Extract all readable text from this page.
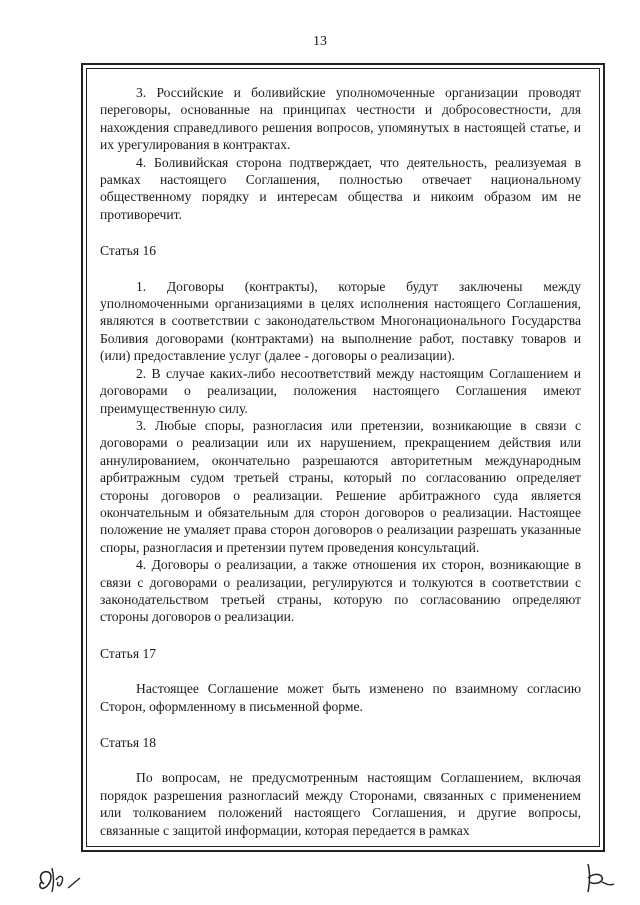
13

3. Российские и боливийские уполномоченные организации проводят переговоры, основанные на принципах честности и добросовестности, для нахождения справедливого решения вопросов, упомянутых в настоящей статье, и их урегулирования в контрактах.

4. Боливийская сторона подтверждает, что деятельность, реализуемая в рамках настоящего Соглашения, полностью отвечает национальному общественному порядку и интересам общества и никоим образом им не противоречит.

Статья 16

1. Договоры (контракты), которые будут заключены между уполномоченными организациями в целях исполнения настоящего Соглашения, являются в соответствии с законодательством Многонационального Государства Боливия договорами (контрактами) на выполнение работ, поставку товаров и (или) предоставление услуг (далее - договоры о реализации).

2. В случае каких-либо несоответствий между настоящим Соглашением и договорами о реализации, положения настоящего Соглашения имеют преимущественную силу.

3. Любые споры, разногласия или претензии, возникающие в связи с договорами о реализации или их нарушением, прекращением действия или аннулированием, окончательно разрешаются авторитетным международным арбитражным судом третьей страны, который по согласованию определяет стороны договоров о реализации. Решение арбитражного суда является окончательным и обязательным для сторон договоров о реализации. Настоящее положение не умаляет права сторон договоров о реализации разрешать указанные споры, разногласия и претензии путем проведения консультаций.

4. Договоры о реализации, а также отношения их сторон, возникающие в связи с договорами о реализации, регулируются и толкуются в соответствии с законодательством третьей страны, которую по согласованию определяют стороны договоров о реализации.

Статья 17

Настоящее Соглашение может быть изменено по взаимному согласию Сторон, оформленному в письменной форме.

Статья 18

По вопросам, не предусмотренным настоящим Соглашением, включая порядок разрешения разногласий между Сторонами, связанных с применением или толкованием положений настоящего Соглашения, и другие вопросы, связанные с защитой информации, которая передается в рамках
